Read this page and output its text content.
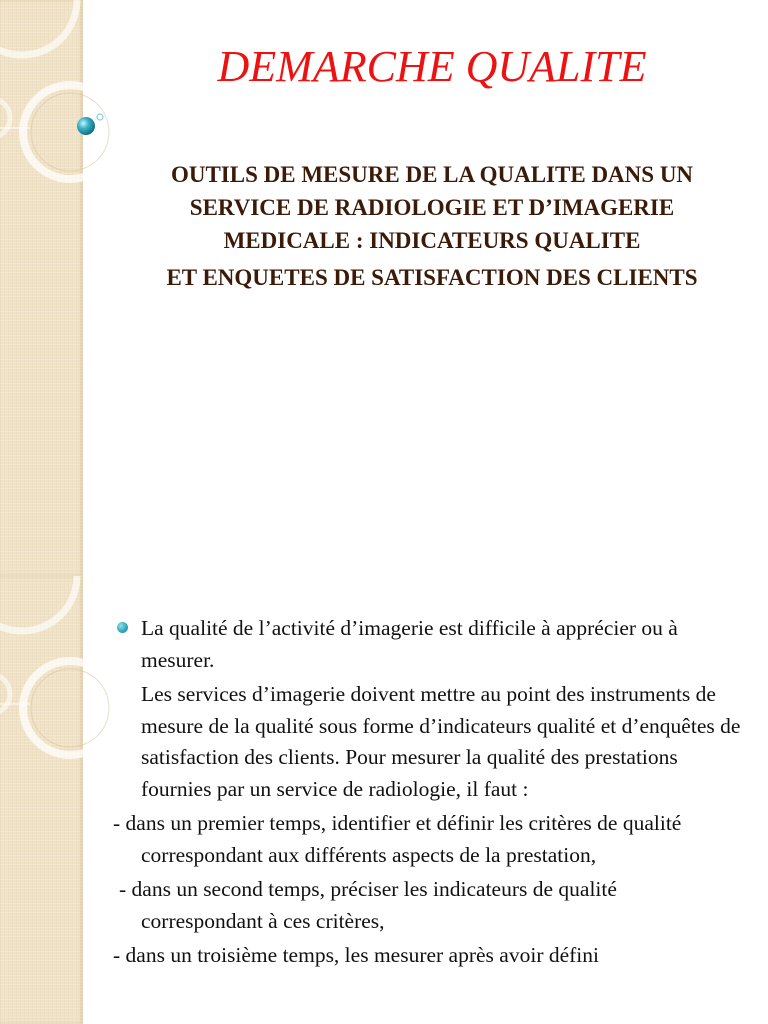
DEMARCHE QUALITE

OUTILS DE MESURE DE LA QUALITE DANS UN SERVICE DE RADIOLOGIE ET D’IMAGERIE MEDICALE : INDICATEURS QUALITE

ET ENQUETES DE SATISFACTION DES CLIENTS

La qualité de l’activité d’imagerie est difficile à apprécier ou à mesurer.

Les services d’imagerie doivent mettre au point des instruments de mesure de la qualité sous forme d’indicateurs qualité et d’enquêtes de satisfaction des clients. Pour mesurer la qualité des prestations fournies par un service de radiologie, il faut :

- dans un premier temps, identifier et définir les critères de qualité correspondant aux différents aspects de la prestation,

- dans un second temps, préciser les indicateurs de qualité correspondant à ces critères,

- dans un troisième temps, les mesurer après avoir défini
